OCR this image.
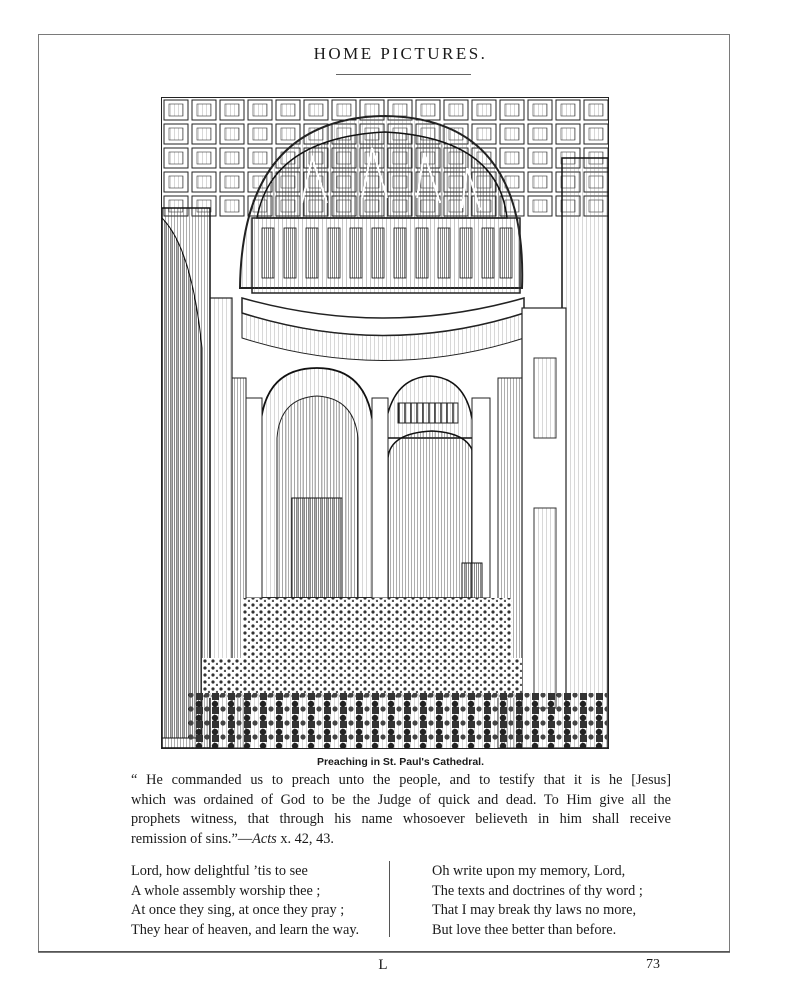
HOME PICTURES.
Preaching in St. Paul's Cathedral.
“ He commanded us to preach unto the people, and to testify that it is he [Jesus]
which was ordained of God to be the Judge of quick and dead. To Him give all the
prophets witness, that through his name whosoever believeth in him shall receive
remission of sins.”—Acts x. 42, 43.
Lord, how delightful ’tis to see
A whole assembly worship thee ;
At once they sing, at once they pray ;
They hear of heaven, and learn the way.
Oh write upon my memory, Lord,
The texts and doctrines of thy word ;
That I may break thy laws no more,
But love thee better than before.
L	73
